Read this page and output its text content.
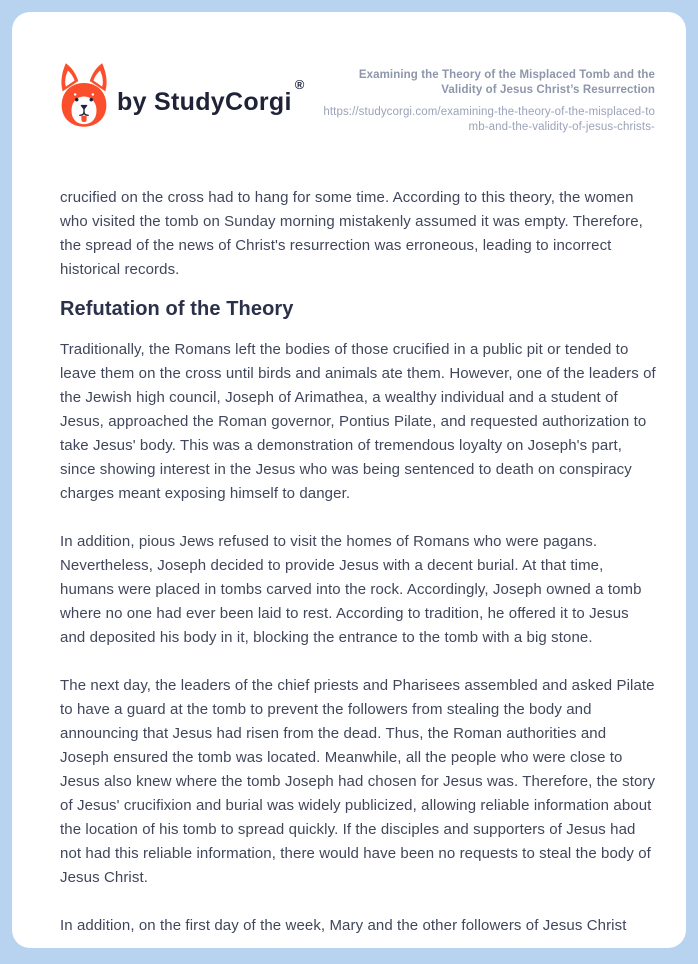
by StudyCorgi
®
Examining the Theory of the Misplaced Tomb and the Validity of Jesus Christ’s Resurrection
https://studycorgi.com/examining-the-theory-of-the-misplaced-tomb-and-the-validity-of-jesus-christs-

crucified on the cross had to hang for some time. According to this theory, the women who visited the tomb on Sunday morning mistakenly assumed it was empty. Therefore, the spread of the news of Christ's resurrection was erroneous, leading to incorrect historical records.

Refutation of the Theory

Traditionally, the Romans left the bodies of those crucified in a public pit or tended to leave them on the cross until birds and animals ate them. However, one of the leaders of the Jewish high council, Joseph of Arimathea, a wealthy individual and a student of Jesus, approached the Roman governor, Pontius Pilate, and requested authorization to take Jesus' body. This was a demonstration of tremendous loyalty on Joseph's part, since showing interest in the Jesus who was being sentenced to death on conspiracy charges meant exposing himself to danger.

In addition, pious Jews refused to visit the homes of Romans who were pagans. Nevertheless, Joseph decided to provide Jesus with a decent burial. At that time, humans were placed in tombs carved into the rock. Accordingly, Joseph owned a tomb where no one had ever been laid to rest. According to tradition, he offered it to Jesus and deposited his body in it, blocking the entrance to the tomb with a big stone.

The next day, the leaders of the chief priests and Pharisees assembled and asked Pilate to have a guard at the tomb to prevent the followers from stealing the body and announcing that Jesus had risen from the dead. Thus, the Roman authorities and Joseph ensured the tomb was located. Meanwhile, all the people who were close to Jesus also knew where the tomb Joseph had chosen for Jesus was. Therefore, the story of Jesus' crucifixion and burial was widely publicized, allowing reliable information about the location of his tomb to spread quickly. If the disciples and supporters of Jesus had not had this reliable information, there would have been no requests to steal the body of Jesus Christ.

In addition, on the first day of the week, Mary and the other followers of Jesus Christ
